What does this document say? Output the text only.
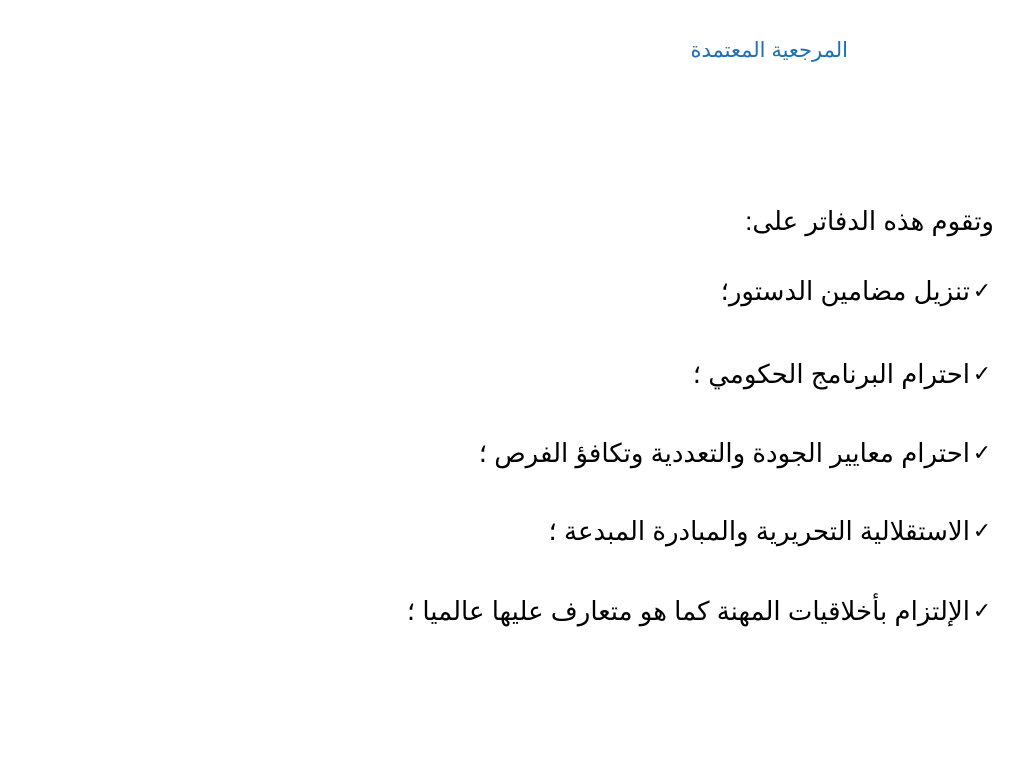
المرجعية المعتمدة
وتقوم هذه الدفاتر على:
✓
تنزيل مضامين الدستور؛
✓
احترام البرنامج الحكومي ؛
✓
احترام معايير الجودة والتعددية وتكافؤ الفرص ؛
✓
الاستقلالية التحريرية والمبادرة المبدعة ؛
✓
الإلتزام بأخلاقيات المهنة كما هو متعارف عليها عالميا ؛
